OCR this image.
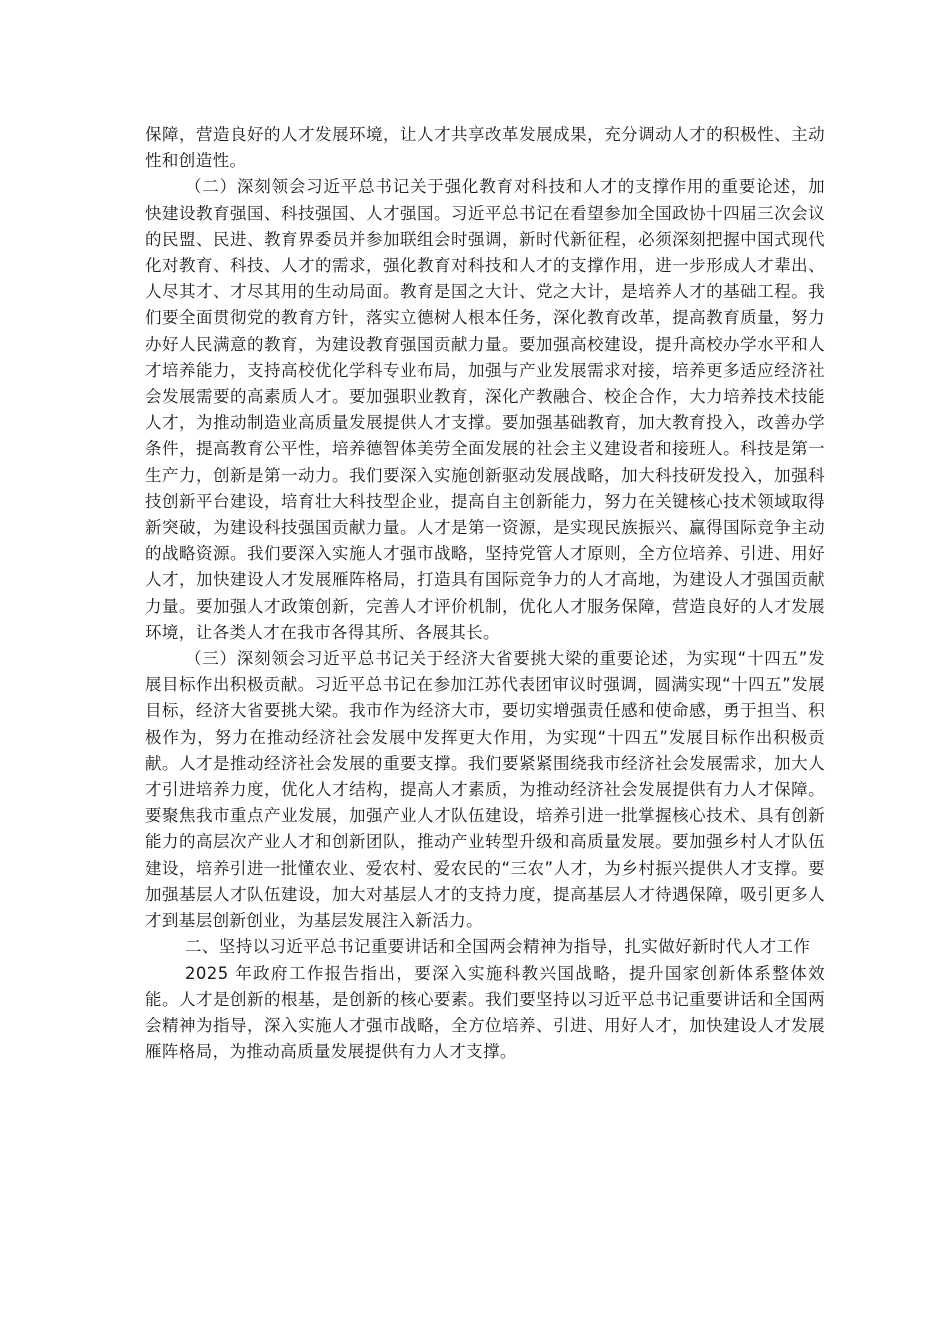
保障，营造良好的人才发展环境，让人才共享改革发展成果，充分调动人才的积极性、主动性和创造性。

（二）深刻领会习近平总书记关于强化教育对科技和人才的支撑作用的重要论述，加快建设教育强国、科技强国、人才强国。习近平总书记在看望参加全国政协十四届三次会议的民盟、民进、教育界委员并参加联组会时强调，新时代新征程，必须深刻把握中国式现代化对教育、科技、人才的需求，强化教育对科技和人才的支撑作用，进一步形成人才辈出、人尽其才、才尽其用的生动局面。教育是国之大计、党之大计，是培养人才的基础工程。我们要全面贯彻党的教育方针，落实立德树人根本任务，深化教育改革，提高教育质量，努力办好人民满意的教育，为建设教育强国贡献力量。要加强高校建设，提升高校办学水平和人才培养能力，支持高校优化学科专业布局，加强与产业发展需求对接，培养更多适应经济社会发展需要的高素质人才。要加强职业教育，深化产教融合、校企合作，大力培养技术技能人才，为推动制造业高质量发展提供人才支撑。要加强基础教育，加大教育投入，改善办学条件，提高教育公平性，培养德智体美劳全面发展的社会主义建设者和接班人。科技是第一生产力，创新是第一动力。我们要深入实施创新驱动发展战略，加大科技研发投入，加强科技创新平台建设，培育壮大科技型企业，提高自主创新能力，努力在关键核心技术领域取得新突破，为建设科技强国贡献力量。人才是第一资源，是实现民族振兴、赢得国际竞争主动的战略资源。我们要深入实施人才强市战略，坚持党管人才原则，全方位培养、引进、用好人才，加快建设人才发展雁阵格局，打造具有国际竞争力的人才高地，为建设人才强国贡献力量。要加强人才政策创新，完善人才评价机制，优化人才服务保障，营造良好的人才发展环境，让各类人才在我市各得其所、各展其长。

（三）深刻领会习近平总书记关于经济大省要挑大梁的重要论述，为实现“十四五”发展目标作出积极贡献。习近平总书记在参加江苏代表团审议时强调，圆满实现“十四五”发展目标，经济大省要挑大梁。我市作为经济大市，要切实增强责任感和使命感，勇于担当、积极作为，努力在推动经济社会发展中发挥更大作用，为实现“十四五”发展目标作出积极贡献。人才是推动经济社会发展的重要支撑。我们要紧紧围绕我市经济社会发展需求，加大人才引进培养力度，优化人才结构，提高人才素质，为推动经济社会发展提供有力人才保障。要聚焦我市重点产业发展，加强产业人才队伍建设，培养引进一批掌握核心技术、具有创新能力的高层次产业人才和创新团队，推动产业转型升级和高质量发展。要加强乡村人才队伍建设，培养引进一批懂农业、爱农村、爱农民的“三农”人才，为乡村振兴提供人才支撑。要加强基层人才队伍建设，加大对基层人才的支持力度，提高基层人才待遇保障，吸引更多人才到基层创新创业，为基层发展注入新活力。

二、坚持以习近平总书记重要讲话和全国两会精神为指导，扎实做好新时代人才工作

2025 年政府工作报告指出，要深入实施科教兴国战略，提升国家创新体系整体效能。人才是创新的根基，是创新的核心要素。我们要坚持以习近平总书记重要讲话和全国两会精神为指导，深入实施人才强市战略，全方位培养、引进、用好人才，加快建设人才发展雁阵格局，为推动高质量发展提供有力人才支撑。
